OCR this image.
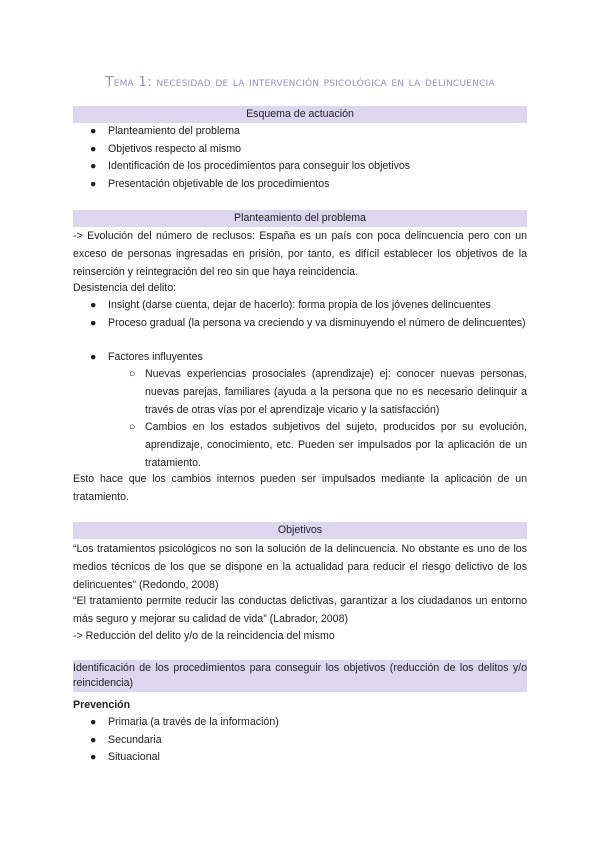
Tema 1: necesidad de la intervención psicológica en la delincuencia
Esquema de actuación
● Planteamiento del problema
● Objetivos respecto al mismo
● Identificación de los procedimientos para conseguir los objetivos
● Presentación objetivable de los procedimientos
Planteamiento del problema
-> Evolución del número de reclusos: España es un país con poca delincuencia pero con un exceso de personas ingresadas en prisión, por tanto, es difícil establecer los objetivos de la reinserción y reintegración del reo sin que haya reincidencia.
Desistencia del delito:
● Insight (darse cuenta, dejar de hacerlo): forma propia de los jóvenes delincuentes
● Proceso gradual (la persona va creciendo y va disminuyendo el número de delincuentes)
● Factores influyentes
○ Nuevas experiencias prosociales (aprendizaje) ej: conocer nuevas personas, nuevas parejas, familiares (ayuda a la persona que no es necesario delinquir a través de otras vías por el aprendizaje vicario y la satisfacción)
○ Cambios en los estados subjetivos del sujeto, producidos por su evolución, aprendizaje, conocimiento, etc. Pueden ser impulsados por la aplicación de un tratamiento.
Esto hace que los cambios internos pueden ser impulsados mediante la aplicación de un tratamiento.
Objetivos
“Los tratamientos psicológicos no son la solución de la delincuencia. No obstante es uno de los medios técnicos de los que se dispone en la actualidad para reducir el riesgo delictivo de los delincuentes” (Redondo, 2008)
“El tratamiento permite reducir las conductas delictivas, garantizar a los ciudadanos un entorno más seguro y mejorar su calidad de vida” (Labrador, 2008)
-> Reducción del delito y/o de la reincidencia del mismo
Identificación de los procedimientos para conseguir los objetivos (reducción de los delitos y/o reincidencia)
Prevención
● Primaria (a través de la información)
● Secundaria
● Situacional
